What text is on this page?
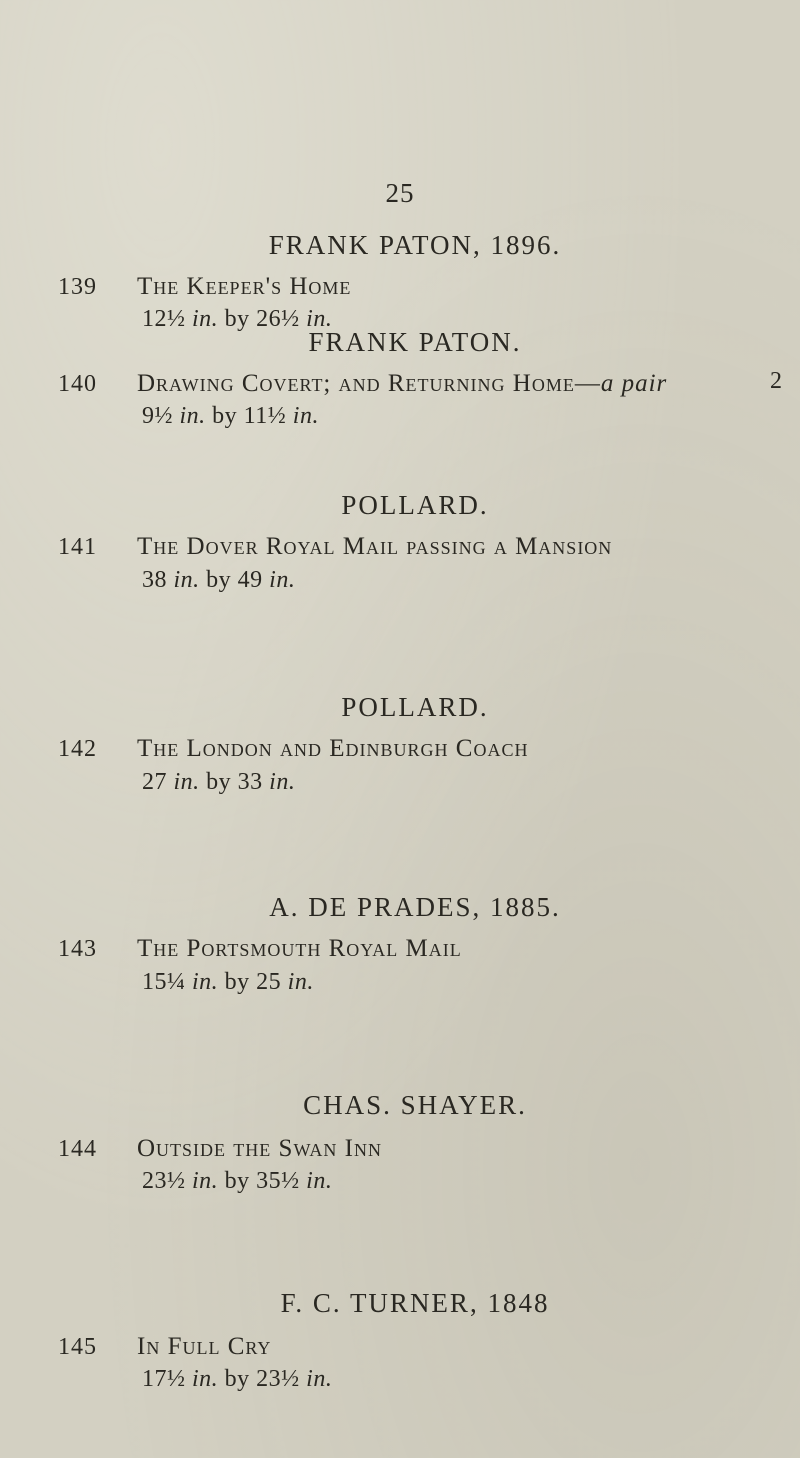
25
FRANK PATON, 1896.
139 The Keeper's Home
12½ in. by 26½ in.
FRANK PATON.
140 Drawing Covert; and Returning Home—a pair
9½ in. by 11½ in.
2
POLLARD.
141 The Dover Royal Mail passing a Mansion
38 in. by 49 in.
POLLARD.
142 The London and Edinburgh Coach
27 in. by 33 in.
A. DE PRADES, 1885.
143 The Portsmouth Royal Mail
15¼ in. by 25 in.
CHAS. SHAYER.
144 Outside the Swan Inn
23½ in. by 35½ in.
F. C. TURNER, 1848
145 In Full Cry
17½ in. by 23½ in.
